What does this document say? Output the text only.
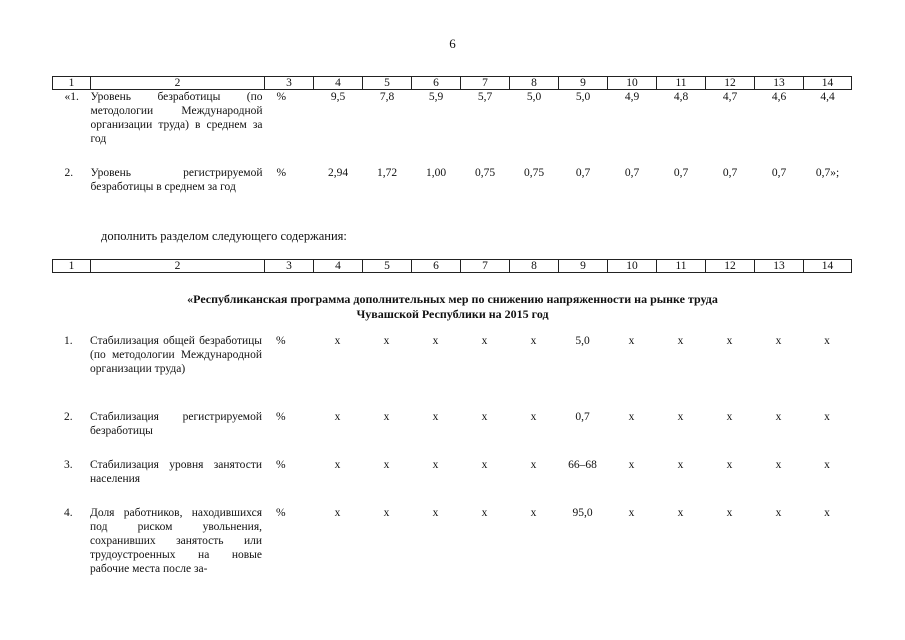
6
1	2	3	4	5	6	7	8	9	10	11	12	13	14
«1.	Уровень безработицы (по методологии Международной организации труда) в среднем за год	%	9,5	7,8	5,9	5,7	5,0	5,0	4,9	4,8	4,7	4,6	4,4
2.	Уровень регистрируемой безработицы в среднем за год	%	2,94	1,72	1,00	0,75	0,75	0,7	0,7	0,7	0,7	0,7	0,7»;
дополнить разделом следующего содержания:
1	2	3	4	5	6	7	8	9	10	11	12	13	14
«Республиканская программа дополнительных мер по снижению напряженности на рынке труда
Чувашской Республики на 2015 год
1.	Стабилизация общей безработицы (по методологии Международной организации труда)	%	х	х	х	х	х	5,0	х	х	х	х	х
2.	Стабилизация регистрируемой безработицы	%	х	х	х	х	х	0,7	х	х	х	х	х
3.	Стабилизация уровня занятости населения	%	х	х	х	х	х	66–68	х	х	х	х	х
4.	Доля работников, находившихся под риском увольнения, сохранивших занятость или трудоустроенных на новые рабочие места после за-	%	х	х	х	х	х	95,0	х	х	х	х	х
